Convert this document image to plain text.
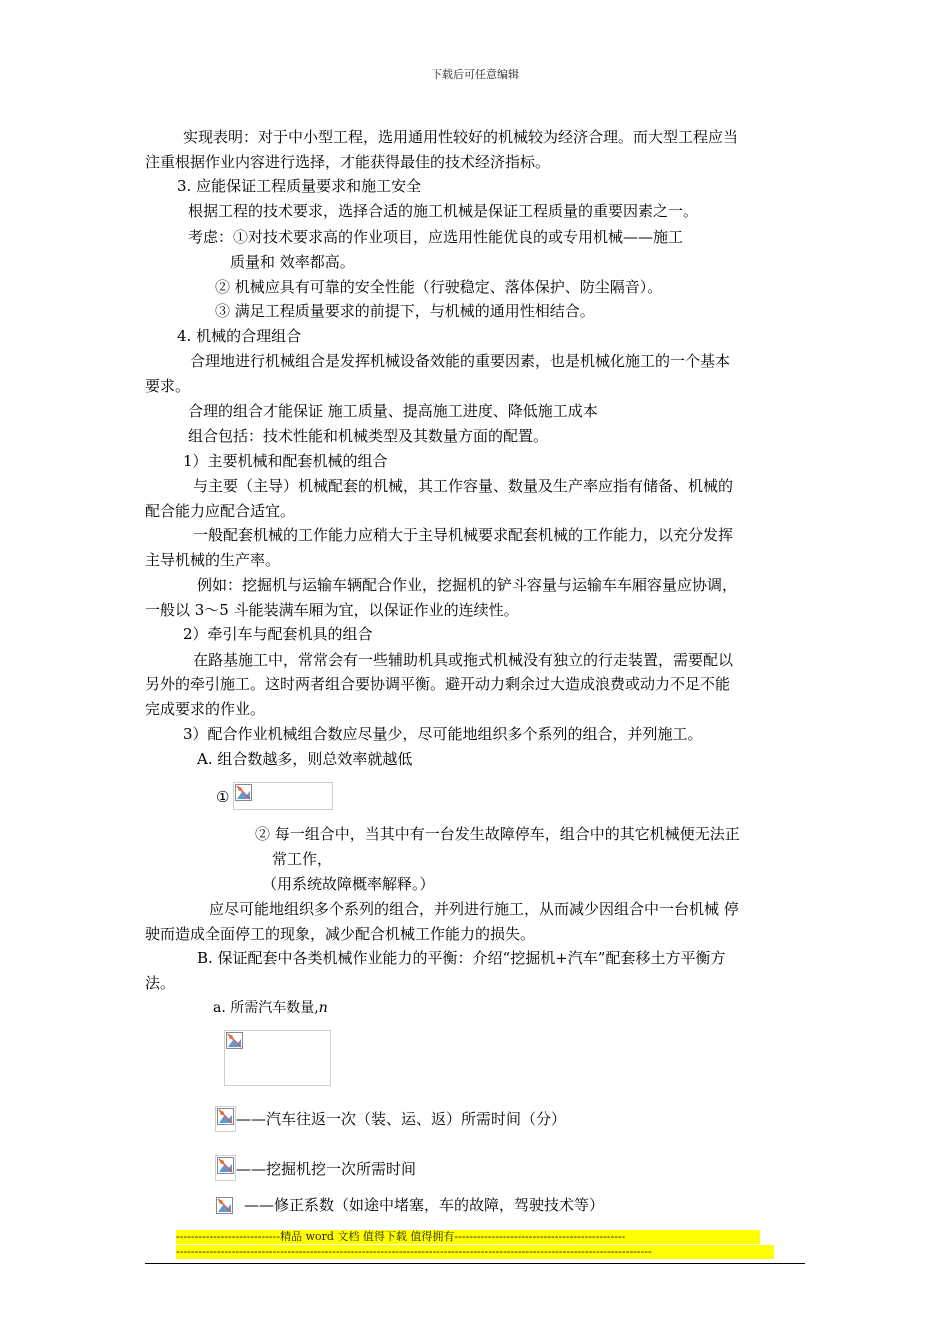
下载后可任意编辑
实现表明：对于中小型工程，选用通用性较好的机械较为经济合理。而大型工程应当
注重根据作业内容进行选择，才能获得最佳的技术经济指标。
3. 应能保证工程质量要求和施工安全
根据工程的技术要求，选择合适的施工机械是保证工程质量的重要因素之一。
考虑：①对技术要求高的作业项目，应选用性能优良的或专用机械——施工
质量和 效率都高。
② 机械应具有可靠的安全性能（行驶稳定、落体保护、防尘隔音）。
③ 满足工程质量要求的前提下，与机械的通用性相结合。
4. 机械的合理组合
合理地进行机械组合是发挥机械设备效能的重要因素，也是机械化施工的一个基本
要求。
合理的组合才能保证 施工质量、提高施工进度、降低施工成本
组合包括：技术性能和机械类型及其数量方面的配置。
1）主要机械和配套机械的组合
与主要（主导）机械配套的机械，其工作容量、数量及生产率应指有储备、机械的
配合能力应配合适宜。
一般配套机械的工作能力应稍大于主导机械要求配套机械的工作能力，以充分发挥
主导机械的生产率。
例如：挖掘机与运输车辆配合作业，挖掘机的铲斗容量与运输车车厢容量应协调，
一般以 3～5 斗能装满车厢为宜，以保证作业的连续性。
2）牵引车与配套机具的组合
在路基施工中，常常会有一些辅助机具或拖式机械没有独立的行走装置，需要配以
另外的牵引施工。这时两者组合要协调平衡。避开动力剩余过大造成浪费或动力不足不能
完成要求的作业。
3）配合作业机械组合数应尽量少，尽可能地组织多个系列的组合，并列施工。
A. 组合数越多，则总效率就越低
①
② 每一组合中，当其中有一台发生故障停车，组合中的其它机械便无法正
常工作，
（用系统故障概率解释。）
应尽可能地组织多个系列的组合，并列进行施工，从而减少因组合中一台机械 停
驶而造成全面停工的现象，减少配合机械工作能力的损失。
B. 保证配套中各类机械作业能力的平衡：介绍“挖掘机+汽车”配套移土方平衡方
法。
a. 所需汽车数量,n
——汽车往返一次（装、运、返）所需时间（分）
——挖掘机挖一次所需时间
——修正系数（如途中堵塞，车的故障，驾驶技术等）
----------------------------精品 word 文档 值得下载 值得拥有----------------------------------------------
--------------------------------------------------------------------------------------------------------------------------------
